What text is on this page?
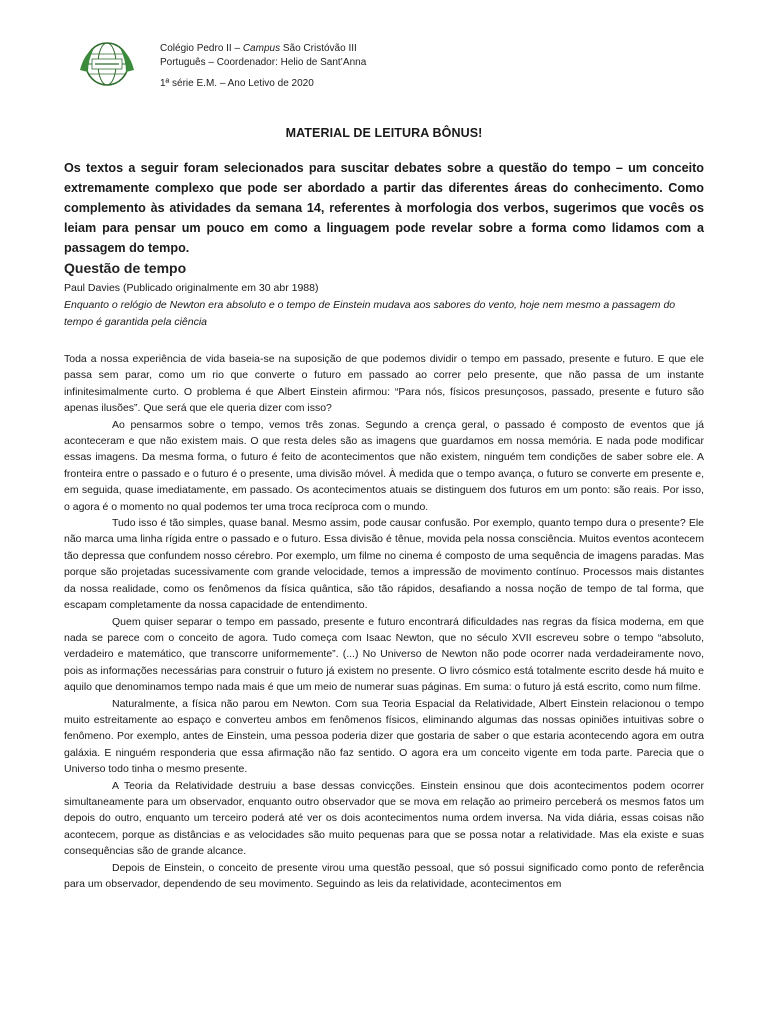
Colégio Pedro II – Campus São Cristóvão III
Português – Coordenador: Helio de Sant’Anna
1ª série E.M. – Ano Letivo de 2020
MATERIAL DE LEITURA BÔNUS!
Os textos a seguir foram selecionados para suscitar debates sobre a questão do tempo – um conceito extremamente complexo que pode ser abordado a partir das diferentes áreas do conhecimento. Como complemento às atividades da semana 14, referentes à morfologia dos verbos, sugerimos que vocês os leiam para pensar um pouco em como a linguagem pode revelar sobre a forma como lidamos com a passagem do tempo.
Questão de tempo
Paul Davies (Publicado originalmente em 30 abr 1988)
Enquanto o relógio de Newton era absoluto e o tempo de Einstein mudava aos sabores do vento, hoje nem mesmo a passagem do tempo é garantida pela ciência

Toda a nossa experiência de vida baseia-se na suposição de que podemos dividir o tempo em passado, presente e futuro. E que ele passa sem parar, como um rio que converte o futuro em passado ao correr pelo presente, que não passa de um instante infinitesimalmente curto. O problema é que Albert Einstein afirmou: “Para nós, físicos presunçosos, passado, presente e futuro são apenas ilusões”. Que será que ele queria dizer com isso?

Ao pensarmos sobre o tempo, vemos três zonas. Segundo a crença geral, o passado é composto de eventos que já aconteceram e que não existem mais. O que resta deles são as imagens que guardamos em nossa memória. E nada pode modificar essas imagens. Da mesma forma, o futuro é feito de acontecimentos que não existem, ninguém tem condições de saber sobre ele. A fronteira entre o passado e o futuro é o presente, uma divisão móvel. À medida que o tempo avança, o futuro se converte em presente e, em seguida, quase imediatamente, em passado. Os acontecimentos atuais se distinguem dos futuros em um ponto: são reais. Por isso, o agora é o momento no qual podemos ter uma troca recíproca com o mundo.

Tudo isso é tão simples, quase banal. Mesmo assim, pode causar confusão. Por exemplo, quanto tempo dura o presente? Ele não marca uma linha rígida entre o passado e o futuro. Essa divisão é tênue, movida pela nossa consciência. Muitos eventos acontecem tão depressa que confundem nosso cérebro. Por exemplo, um filme no cinema é composto de uma sequência de imagens paradas. Mas porque são projetadas sucessivamente com grande velocidade, temos a impressão de movimento contínuo. Processos mais distantes da nossa realidade, como os fenômenos da física quântica, são tão rápidos, desafiando a nossa noção de tempo de tal forma, que escapam completamente da nossa capacidade de entendimento.

Quem quiser separar o tempo em passado, presente e futuro encontrará dificuldades nas regras da física moderna, em que nada se parece com o conceito de agora. Tudo começa com Isaac Newton, que no século XVII escreveu sobre o tempo “absoluto, verdadeiro e matemático, que transcorre uniformemente”. (...) No Universo de Newton não pode ocorrer nada verdadeiramente novo, pois as informações necessárias para construir o futuro já existem no presente. O livro cósmico está totalmente escrito desde há muito e aquilo que denominamos tempo nada mais é que um meio de numerar suas páginas. Em suma: o futuro já está escrito, como num filme.

Naturalmente, a física não parou em Newton. Com sua Teoria Espacial da Relatividade, Albert Einstein relacionou o tempo muito estreitamente ao espaço e converteu ambos em fenômenos físicos, eliminando algumas das nossas opiniões intuitivas sobre o fenômeno. Por exemplo, antes de Einstein, uma pessoa poderia dizer que gostaria de saber o que estaria acontecendo agora em outra galáxia. E ninguém responderia que essa afirmação não faz sentido. O agora era um conceito vigente em toda parte. Parecia que o Universo todo tinha o mesmo presente.

A Teoria da Relatividade destruiu a base dessas convicções. Einstein ensinou que dois acontecimentos podem ocorrer simultaneamente para um observador, enquanto outro observador que se mova em relação ao primeiro perceberá os mesmos fatos um depois do outro, enquanto um terceiro poderá até ver os dois acontecimentos numa ordem inversa. Na vida diária, essas coisas não acontecem, porque as distâncias e as velocidades são muito pequenas para que se possa notar a relatividade. Mas ela existe e suas consequências são de grande alcance.

Depois de Einstein, o conceito de presente virou uma questão pessoal, que só possui significado como ponto de referência para um observador, dependendo de seu movimento. Seguindo as leis da relatividade, acontecimentos em
